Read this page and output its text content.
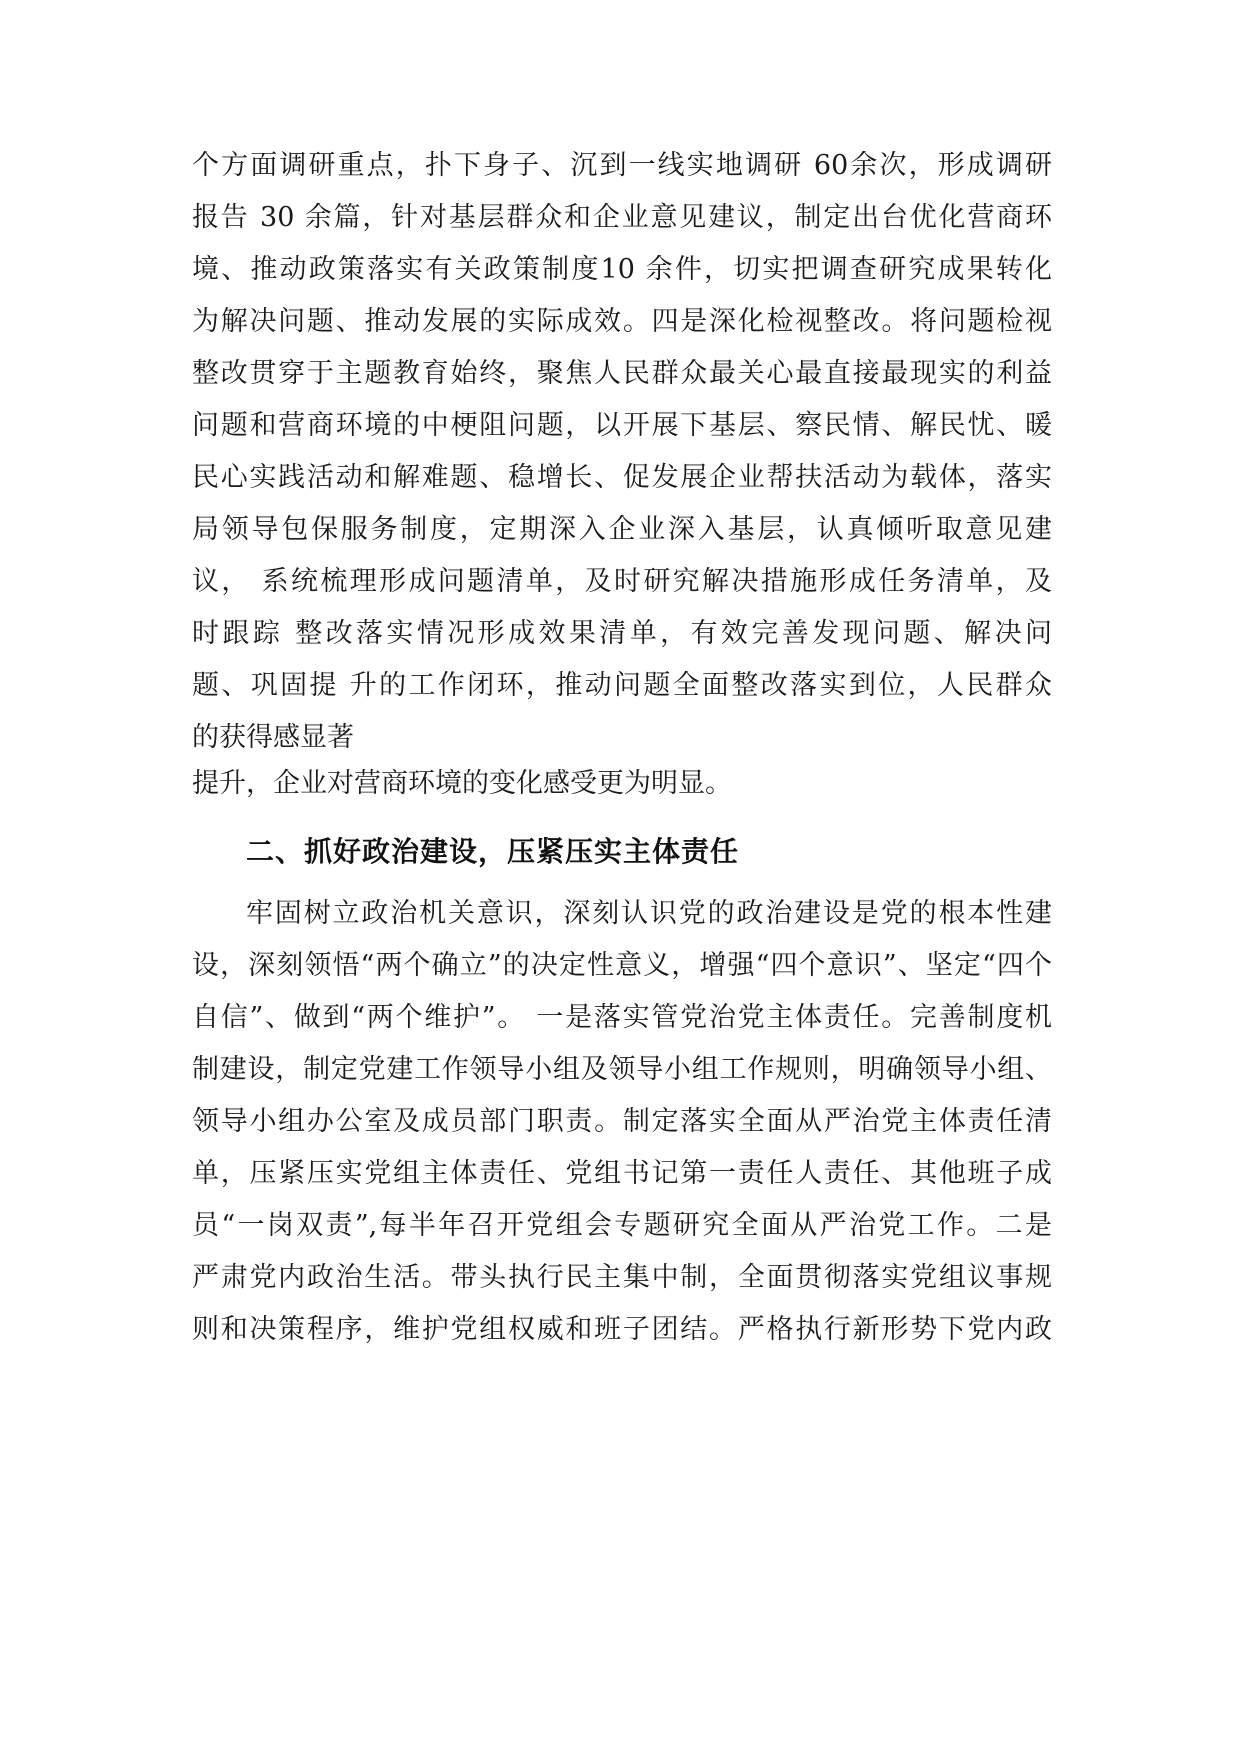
个方面调研重点，扑下身子、沉到一线实地调研 60余次，形成调研
报告 30 余篇，针对基层群众和企业意见建议，制定出台优化营商环
境、推动政策落实有关政策制度10 余件，切实把调查研究成果转化
为解决问题、推动发展的实际成效。四是深化检视整改。将问题检视
整改贯穿于主题教育始终，聚焦人民群众最关心最直接最现实的利益
问题和营商环境的中梗阻问题，以开展下基层、察民情、解民忧、暖
民心实践活动和解难题、稳增长、促发展企业帮扶活动为载体，落实
局领导包保服务制度，定期深入企业深入基层，认真倾听取意见建
议， 系统梳理形成问题清单，及时研究解决措施形成任务清单，及
时跟踪 整改落实情况形成效果清单，有效完善发现问题、解决问
题、巩固提 升的工作闭环，推动问题全面整改落实到位，人民群众
的获得感显著
提升，企业对营商环境的变化感受更为明显。
二、抓好政治建设，压紧压实主体责任
牢固树立政治机关意识，深刻认识党的政治建设是党的根本性建
设，深刻领悟“两个确立”的决定性意义，增强“四个意识”、坚定“四个
自信”、做到“两个维护”。 一是落实管党治党主体责任。完善制度机
制建设，制定党建工作领导小组及领导小组工作规则，明确领导小组、
领导小组办公室及成员部门职责。制定落实全面从严治党主体责任清
单，压紧压实党组主体责任、党组书记第一责任人责任、其他班子成
员“一岗双责”,每半年召开党组会专题研究全面从严治党工作。二是
严肃党内政治生活。带头执行民主集中制，全面贯彻落实党组议事规
则和决策程序，维护党组权威和班子团结。严格执行新形势下党内政
